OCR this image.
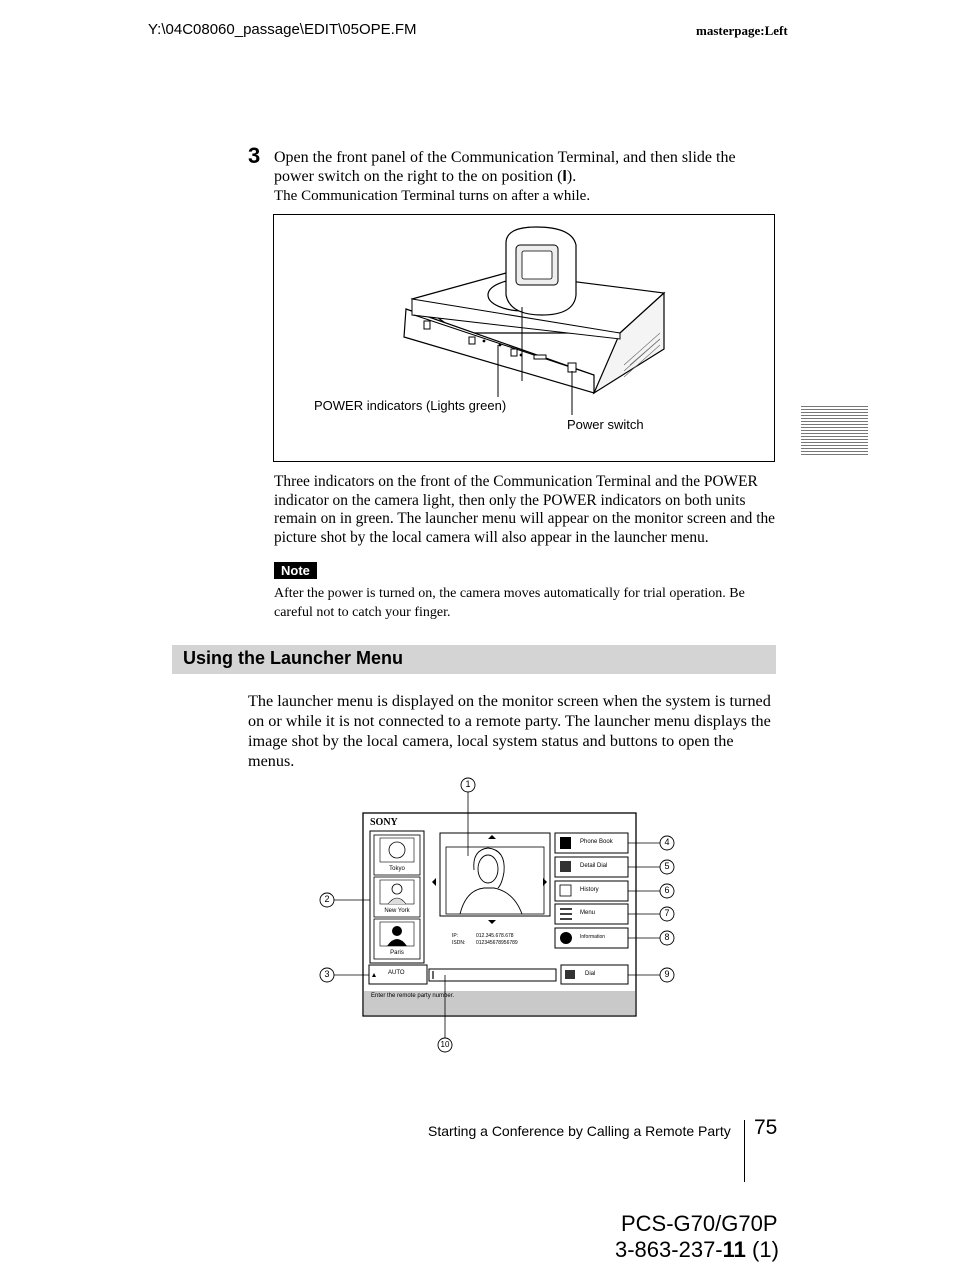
Y:\04C08060_passage\EDIT\05OPE.FM	masterpage:Left
3 Open the front panel of the Communication Terminal, and then slide the power switch on the right to the on position (I).
The Communication Terminal turns on after a while.
POWER indicators (Lights green)
Power switch
Three indicators on the front of the Communication Terminal and the POWER indicator on the camera light, then only the POWER indicators on both units remain on in green. The launcher menu will appear on the monitor screen and the picture shot by the local camera will also appear in the launcher menu.
Note
After the power is turned on, the camera moves automatically for trial operation. Be careful not to catch your finger.
Using the Launcher Menu
The launcher menu is displayed on the monitor screen when the system is turned on or while it is not connected to a remote party. The launcher menu displays the image shot by the local camera, local system status and buttons to open the menus.
SONY
Tokyo
New York
Paris
Phone Book
Detail Dial
History
Menu
Information
IP:	012.345.678.678
ISDN: 012345678956789
AUTO	Dial
Enter the remote party number.
1
2
3
4
5
6
7
8
9
10
Starting a Conference by Calling a Remote Party 75
PCS-G70/G70P
3-863-237-11 (1)
